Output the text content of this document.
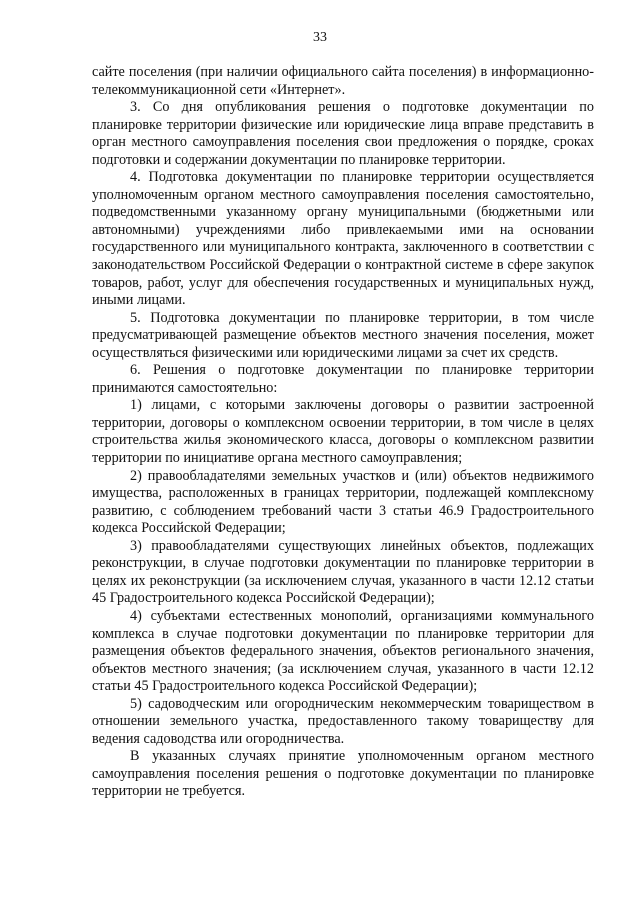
33

сайте поселения (при наличии официального сайта поселения) в информационно-телекоммуникационной сети «Интернет».

3. Со дня опубликования решения о подготовке документации по планировке территории физические или юридические лица вправе представить в орган местного самоуправления поселения свои предложения о порядке, сроках подготовки и содержании документации по планировке территории.

4. Подготовка документации по планировке территории осуществляется уполномоченным органом местного самоуправления поселения самостоятельно, подведомственными указанному органу муниципальными (бюджетными или автономными) учреждениями либо привлекаемыми ими на основании государственного или муниципального контракта, заключенного в соответствии с законодательством Российской Федерации о контрактной системе в сфере закупок товаров, работ, услуг для обеспечения государственных и муниципальных нужд, иными лицами.

5. Подготовка документации по планировке территории, в том числе предусматривающей размещение объектов местного значения поселения, может осуществляться физическими или юридическими лицами за счет их средств.

6. Решения о подготовке документации по планировке территории принимаются самостоятельно:

1) лицами, с которыми заключены договоры о развитии застроенной территории, договоры о комплексном освоении территории, в том числе в целях строительства жилья экономического класса, договоры о комплексном развитии территории по инициативе органа местного самоуправления;

2) правообладателями земельных участков и (или) объектов недвижимого имущества, расположенных в границах территории, подлежащей комплексному развитию, с соблюдением требований части 3 статьи 46.9 Градостроительного кодекса Российской Федерации;

3) правообладателями существующих линейных объектов, подлежащих реконструкции, в случае подготовки документации по планировке территории в целях их реконструкции (за исключением случая, указанного в части 12.12 статьи 45 Градостроительного кодекса Российской Федерации);

4) субъектами естественных монополий, организациями коммунального комплекса в случае подготовки документации по планировке территории для размещения объектов федерального значения, объектов регионального значения, объектов местного значения; (за исключением случая, указанного в части 12.12 статьи 45 Градостроительного кодекса Российской Федерации);

5) садоводческим или огородническим некоммерческим товариществом в отношении земельного участка, предоставленного такому товариществу для ведения садоводства или огородничества.

В указанных случаях принятие уполномоченным органом местного самоуправления поселения решения о подготовке документации по планировке территории не требуется.
